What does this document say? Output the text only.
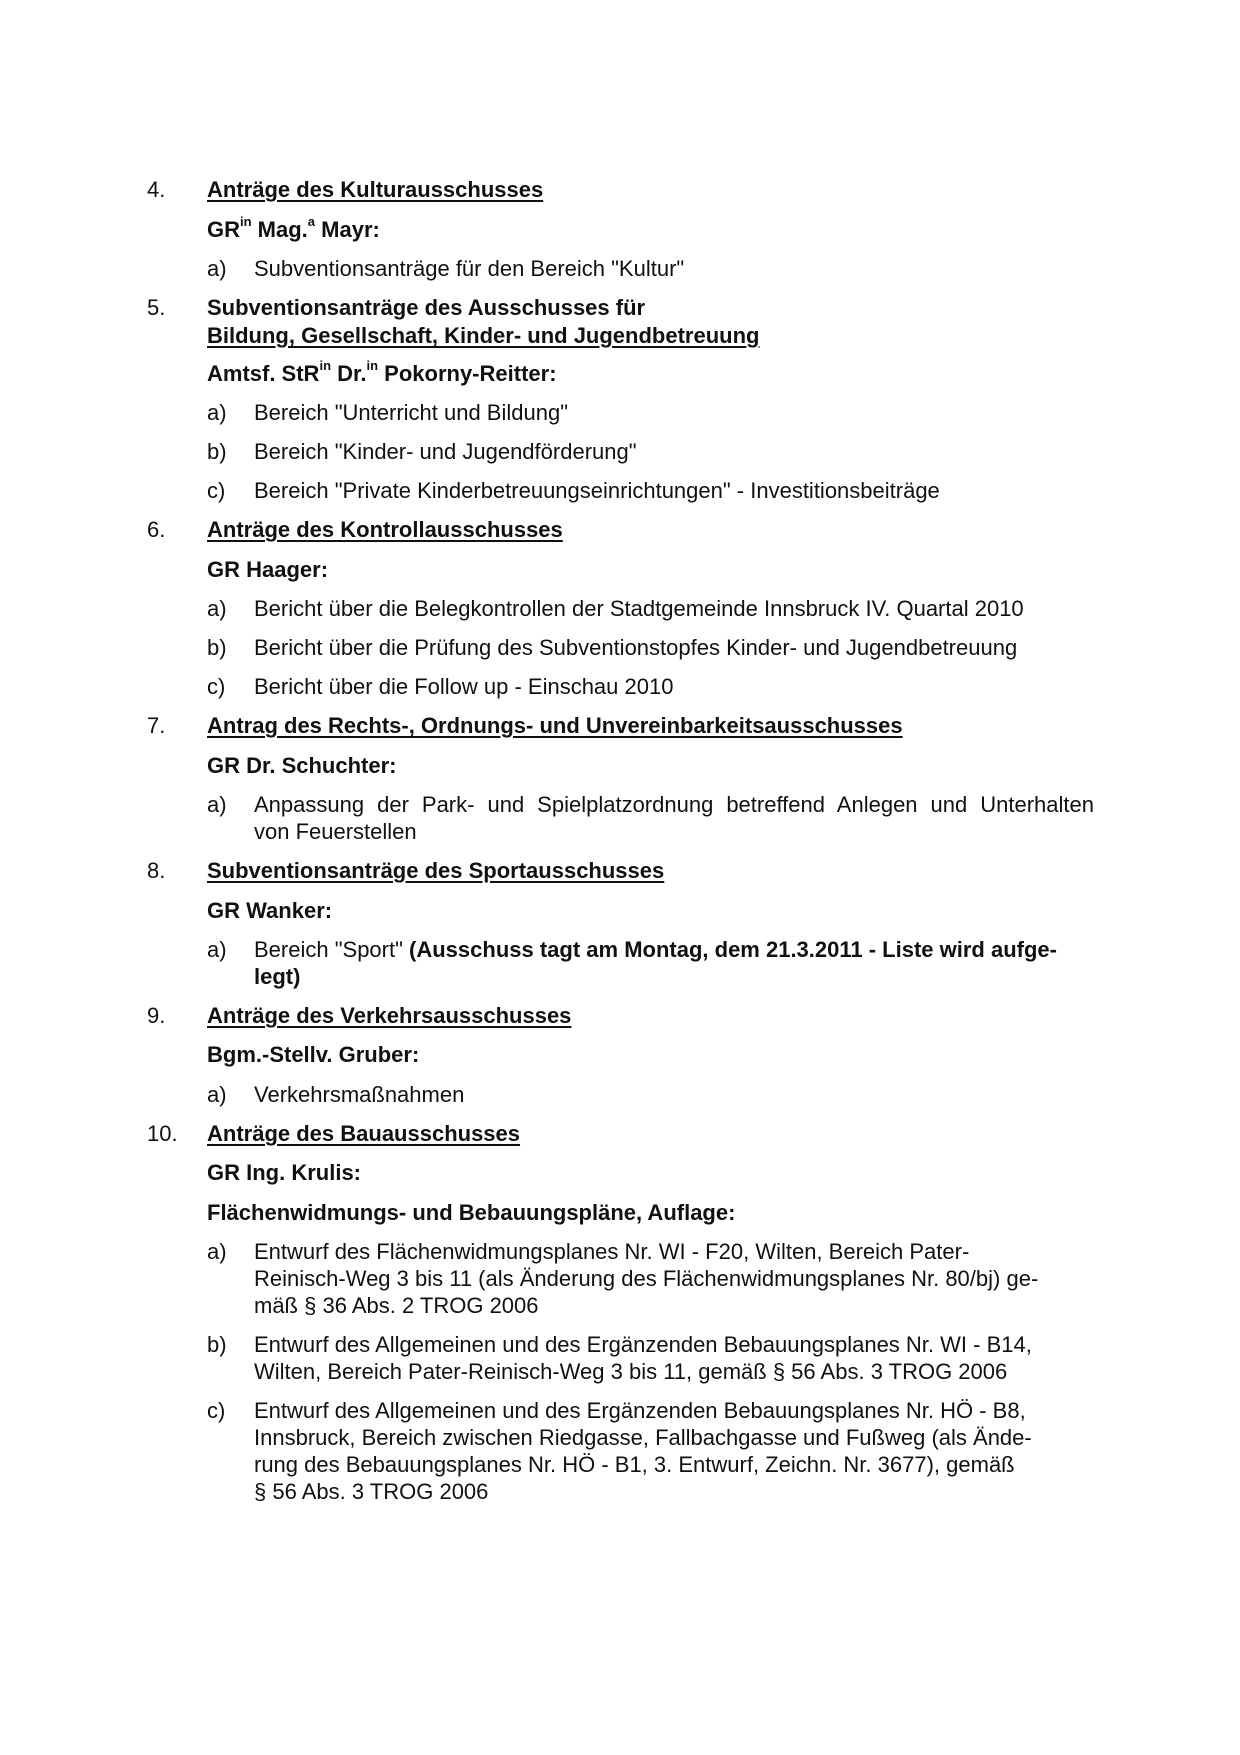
4. Anträge des Kulturausschusses
$GR^{in}$ Mag.$^a$ Mayr:
a) Subventionsanträge für den Bereich "Kultur"
5. Subventionsanträge des Ausschusses für
Bildung, Gesellschaft, Kinder- und Jugendbetreuung
Amtsf. StR$^{in}$ Dr.$^{in}$ Pokorny-Reitter:
a) Bereich "Unterricht und Bildung"
b) Bereich "Kinder- und Jugendförderung"
c) Bereich "Private Kinderbetreuungseinrichtungen" - Investitionsbeiträge
6. Anträge des Kontrollausschusses
GR Haager:
a) Bericht über die Belegkontrollen der Stadtgemeinde Innsbruck IV. Quartal 2010
b) Bericht über die Prüfung des Subventionstopfes Kinder- und Jugendbetreuung
c) Bericht über die Follow up - Einschau 2010
7. Antrag des Rechts-, Ordnungs- und Unvereinbarkeitsausschusses
GR Dr. Schuchter:
a) Anpassung der Park- und Spielplatzordnung betreffend Anlegen und Unterhalten
von Feuerstellen
8. Subventionsanträge des Sportausschusses
GR Wanker:
a) Bereich "Sport" (Ausschuss tagt am Montag, dem 21.3.2011 - Liste wird aufge-
legt)
9. Anträge des Verkehrsausschusses
Bgm.-Stellv. Gruber:
a) Verkehrsmaßnahmen
10. Anträge des Bauausschusses
GR Ing. Krulis:
Flächenwidmungs- und Bebauungspläne, Auflage:
a) Entwurf des Flächenwidmungsplanes Nr. WI - F20, Wilten, Bereich Pater-
Reinisch-Weg 3 bis 11 (als Änderung des Flächenwidmungsplanes Nr. 80/bj) ge-
mäß § 36 Abs. 2 TROG 2006
b) Entwurf des Allgemeinen und des Ergänzenden Bebauungsplanes Nr. WI - B14,
Wilten, Bereich Pater-Reinisch-Weg 3 bis 11, gemäß § 56 Abs. 3 TROG 2006
c) Entwurf des Allgemeinen und des Ergänzenden Bebauungsplanes Nr. HÖ - B8,
Innsbruck, Bereich zwischen Riedgasse, Fallbachgasse und Fußweg (als Ände-
rung des Bebauungsplanes Nr. HÖ - B1, 3. Entwurf, Zeichn. Nr. 3677), gemäß
§ 56 Abs. 3 TROG 2006
